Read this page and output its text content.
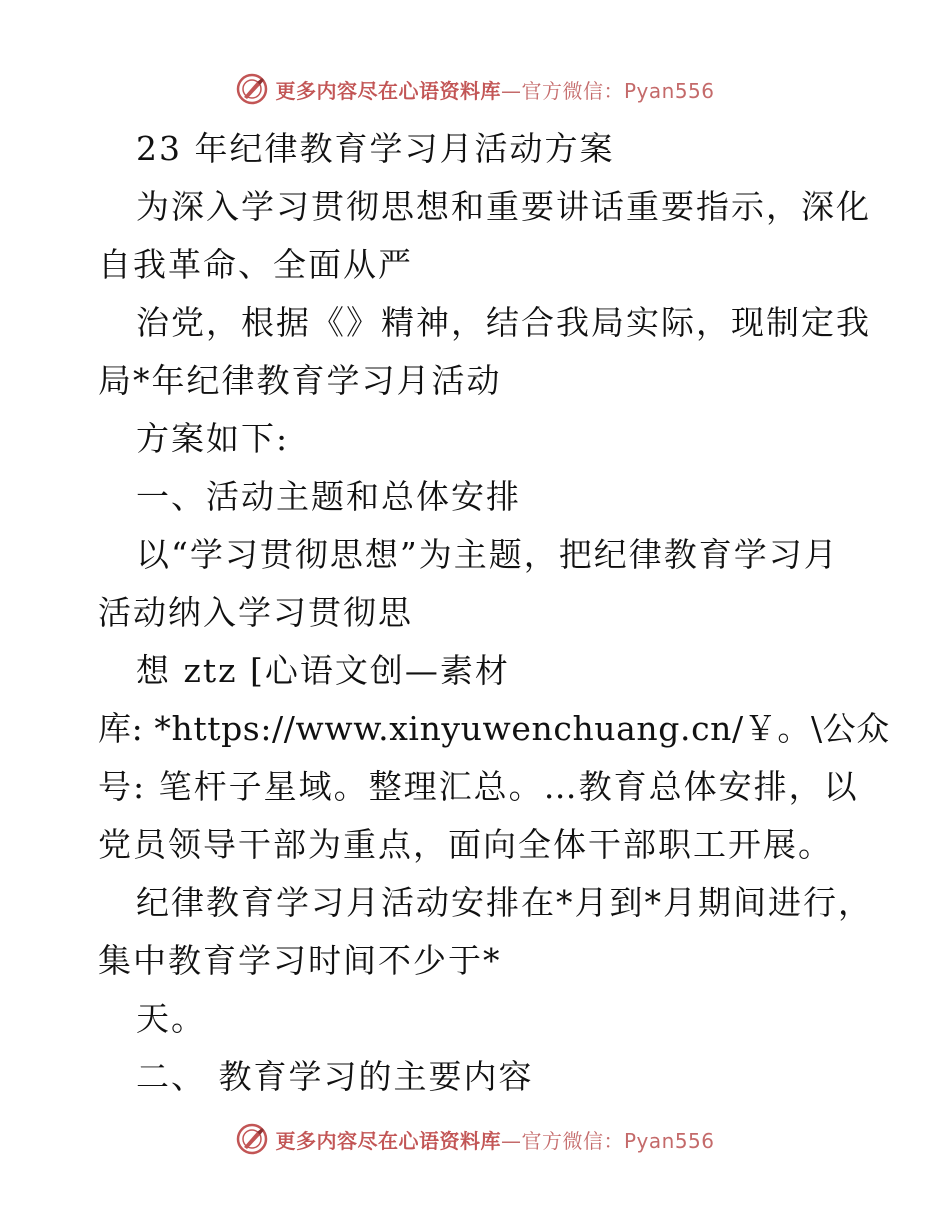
更多内容尽在心语资料库—官方微信：Pyan556
23 年纪律教育学习月活动方案
为深入学习贯彻思想和重要讲话重要指示，深化
自我革命、全面从严
治党，根据《》精神，结合我局实际，现制定我
局*年纪律教育学习月活动
方案如下:
一、活动主题和总体安排
以“学习贯彻思想”为主题，把纪律教育学习月
活动纳入学习贯彻思
想 ztz [心语文创—素材
库: *https://www.xinyuwenchuang.cn/￥。\公众
号: 笔杆子星域。整理汇总。…教育总体安排，以
党员领导干部为重点，面向全体干部职工开展。
纪律教育学习月活动安排在*月到*月期间进行，
集中教育学习时间不少于*
天。
二、 教育学习的主要内容
更多内容尽在心语资料库—官方微信：Pyan556
